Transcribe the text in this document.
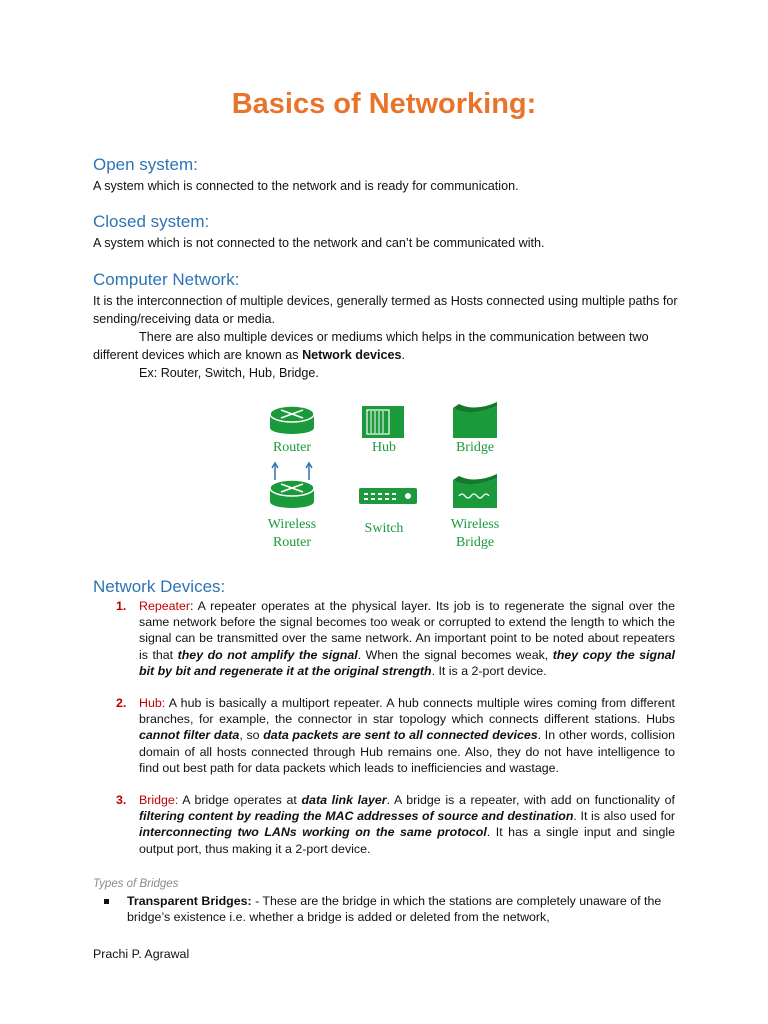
Basics of Networking:
Open system:

A system which is connected to the network and is ready for communication.

Closed system:

A system which is not connected to the network and can’t be communicated with.

Computer Network:

It is the interconnection of multiple devices, generally termed as Hosts connected using multiple paths for sending/receiving data or media.

There are also multiple devices or mediums which helps in the communication between two different devices which are known as Network devices.

Ex: Router, Switch, Hub, Bridge.

Router	Hub	Bridge
Wireless
Router
Switch	Wireless
Bridge
Network Devices:
1. Repeater: A repeater operates at the physical layer. Its job is to regenerate the signal over the same network before the signal becomes too weak or corrupted to extend the length to which the signal can be transmitted over the same network. An important point to be noted about repeaters is that they do not amplify the signal. When the signal becomes weak, they copy the signal bit by bit and regenerate it at the original strength. It is a 2-port device.
2. Hub: A hub is basically a multiport repeater. A hub connects multiple wires coming from different branches, for example, the connector in star topology which connects different stations. Hubs cannot filter data, so data packets are sent to all connected devices. In other words, collision domain of all hosts connected through Hub remains one. Also, they do not have intelligence to find out best path for data packets which leads to inefficiencies and wastage.
3. Bridge: A bridge operates at data link layer. A bridge is a repeater, with add on functionality of filtering content by reading the MAC addresses of source and destination. It is also used for interconnecting two LANs working on the same protocol. It has a single input and single output port, thus making it a 2-port device.
Types of Bridges
Transparent Bridges: - These are the bridge in which the stations are completely unaware of the bridge’s existence i.e. whether a bridge is added or deleted from the network,
Prachi P. Agrawal
